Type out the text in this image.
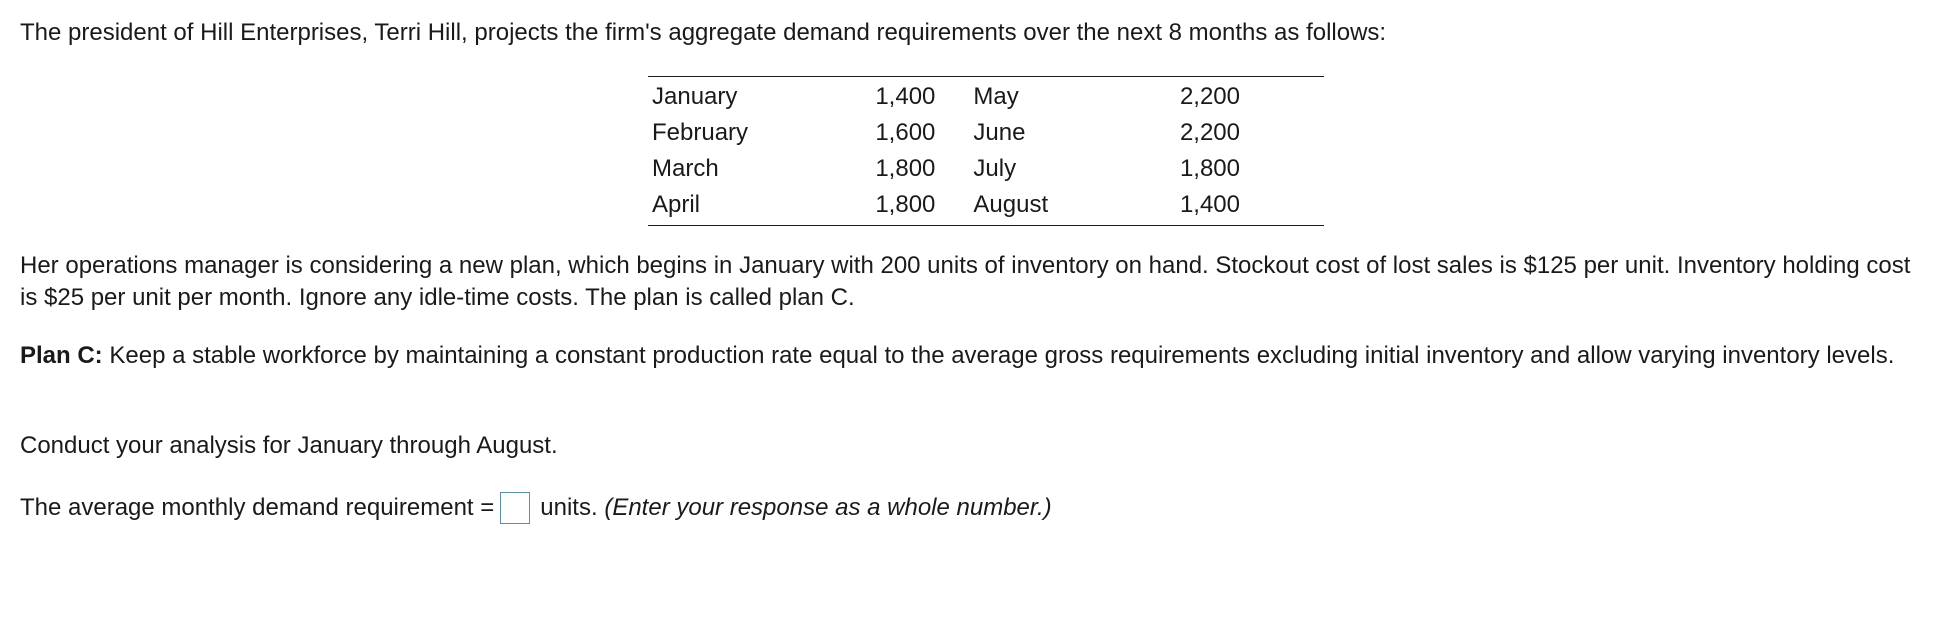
The president of Hill Enterprises, Terri Hill, projects the firm's aggregate demand requirements over the next 8 months as follows:

January	1,400	May	2,200
February	1,600	June	2,200
March	1,800	July	1,800
April	1,800	August	1,400

Her operations manager is considering a new plan, which begins in January with 200 units of inventory on hand. Stockout cost of lost sales is $125 per unit. Inventory holding cost is $25 per unit per month. Ignore any idle-time costs. The plan is called plan C.

Plan C: Keep a stable workforce by maintaining a constant production rate equal to the average gross requirements excluding initial inventory and allow varying inventory levels.

Conduct your analysis for January through August.

The average monthly demand requirement = units.
(Enter your response as a whole number.)
